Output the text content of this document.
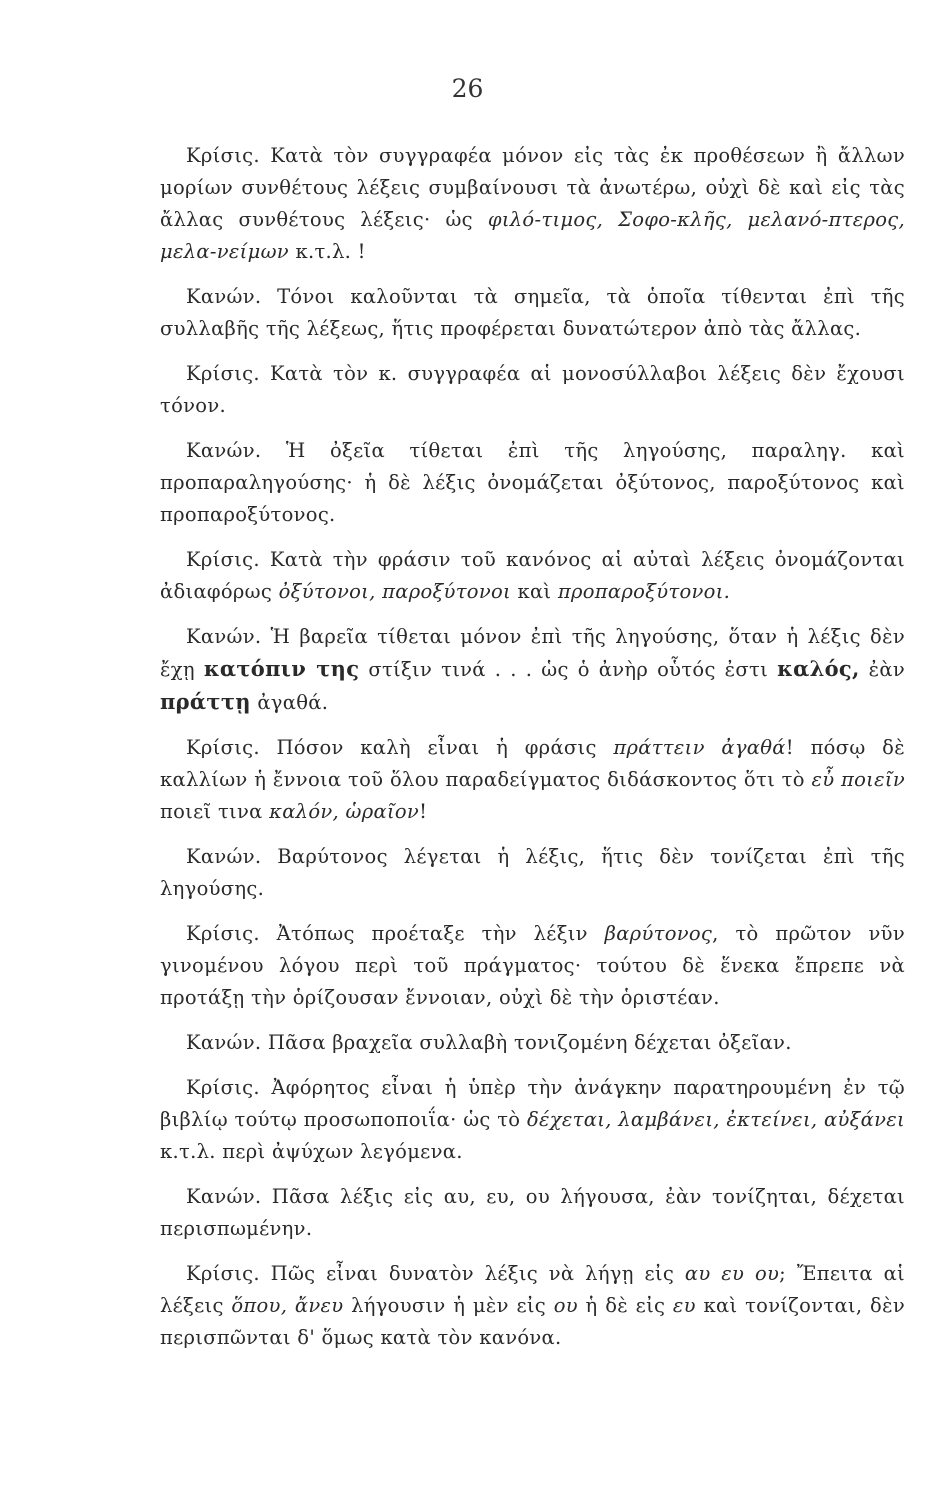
26

Κρίσις. Κατὰ τὸν συγγραφέα μόνον εἰς τὰς ἐκ προθέσεων ἢ ἄλλων μορίων συνθέτους λέξεις συμβαίνουσι τὰ ἀνωτέρω, οὐχὶ δὲ καὶ εἰς τὰς ἄλλας συνθέτους λέξεις· ὡς φιλό-τιμος, Σοφο-κλῆς, μελανό-πτερος, μελα-νείμων κ.τ.λ. !

Κανών. Τόνοι καλοῦνται τὰ σημεῖα, τὰ ὁποῖα τίθενται ἐπὶ τῆς συλλαβῆς τῆς λέξεως, ἥτις προφέρεται δυνατώτερον ἀπὸ τὰς ἄλλας.

Κρίσις. Κατὰ τὸν κ. συγγραφέα αἱ μονοσύλλαβοι λέξεις δὲν ἔχουσι τόνον.

Κανών. Ἡ ὀξεῖα τίθεται ἐπὶ τῆς ληγούσης, παραληγ. καὶ προπαραληγούσης· ἡ δὲ λέξις ὀνομάζεται ὀξύτονος, παροξύτονος καὶ προπαροξύτονος.

Κρίσις. Κατὰ τὴν φράσιν τοῦ κανόνος αἱ αὐταὶ λέξεις ὀνομάζονται ἀδιαφόρως ὀξύτονοι, παροξύτονοι καὶ προπαροξύτονοι.

Κανών. Ἡ βαρεῖα τίθεται μόνον ἐπὶ τῆς ληγούσης, ὅταν ἡ λέξις δὲν ἔχῃ κατόπιν της στίξιν τινά . . . ὡς ὁ ἀνὴρ οὗτός ἐστι καλός, ἐὰν πράττῃ ἀγαθά.

Κρίσις. Πόσον καλὴ εἶναι ἡ φράσις πράττειν ἀγαθά! πόσῳ δὲ καλλίων ἡ ἔννοια τοῦ ὅλου παραδείγματος διδάσκοντος ὅτι τὸ εὖ ποιεῖν ποιεῖ τινα καλόν, ὡραῖον!

Κανών. Βαρύτονος λέγεται ἡ λέξις, ἥτις δὲν τονίζεται ἐπὶ τῆς ληγούσης.

Κρίσις. Ἀτόπως προέταξε τὴν λέξιν βαρύτονος, τὸ πρῶτον νῦν γινομένου λόγου περὶ τοῦ πράγματος· τούτου δὲ ἕνεκα ἔπρεπε νὰ προτάξῃ τὴν ὁρίζουσαν ἔννοιαν, οὐχὶ δὲ τὴν ὁριστέαν.

Κανών. Πᾶσα βραχεῖα συλλαβὴ τονιζομένη δέχεται ὀξεῖαν.

Κρίσις. Ἀφόρητος εἶναι ἡ ὑπὲρ τὴν ἀνάγκην παρατηρουμένη ἐν τῷ βιβλίῳ τούτῳ προσωποποιΐα· ὡς τὸ δέχεται, λαμβάνει, ἐκτείνει, αὐξάνει κ.τ.λ. περὶ ἀψύχων λεγόμενα.

Κανών. Πᾶσα λέξις εἰς αυ, ευ, ου λήγουσα, ἐὰν τονίζηται, δέχεται περισπωμένην.

Κρίσις. Πῶς εἶναι δυνατὸν λέξις νὰ λήγῃ εἰς αυ ευ ου; Ἔπειτα αἱ λέξεις ὅπου, ἄνευ λήγουσιν ἡ μὲν εἰς ου ἡ δὲ εἰς ευ καὶ τονίζονται, δὲν περισπῶνται δ' ὅμως κατὰ τὸν κανόνα.
